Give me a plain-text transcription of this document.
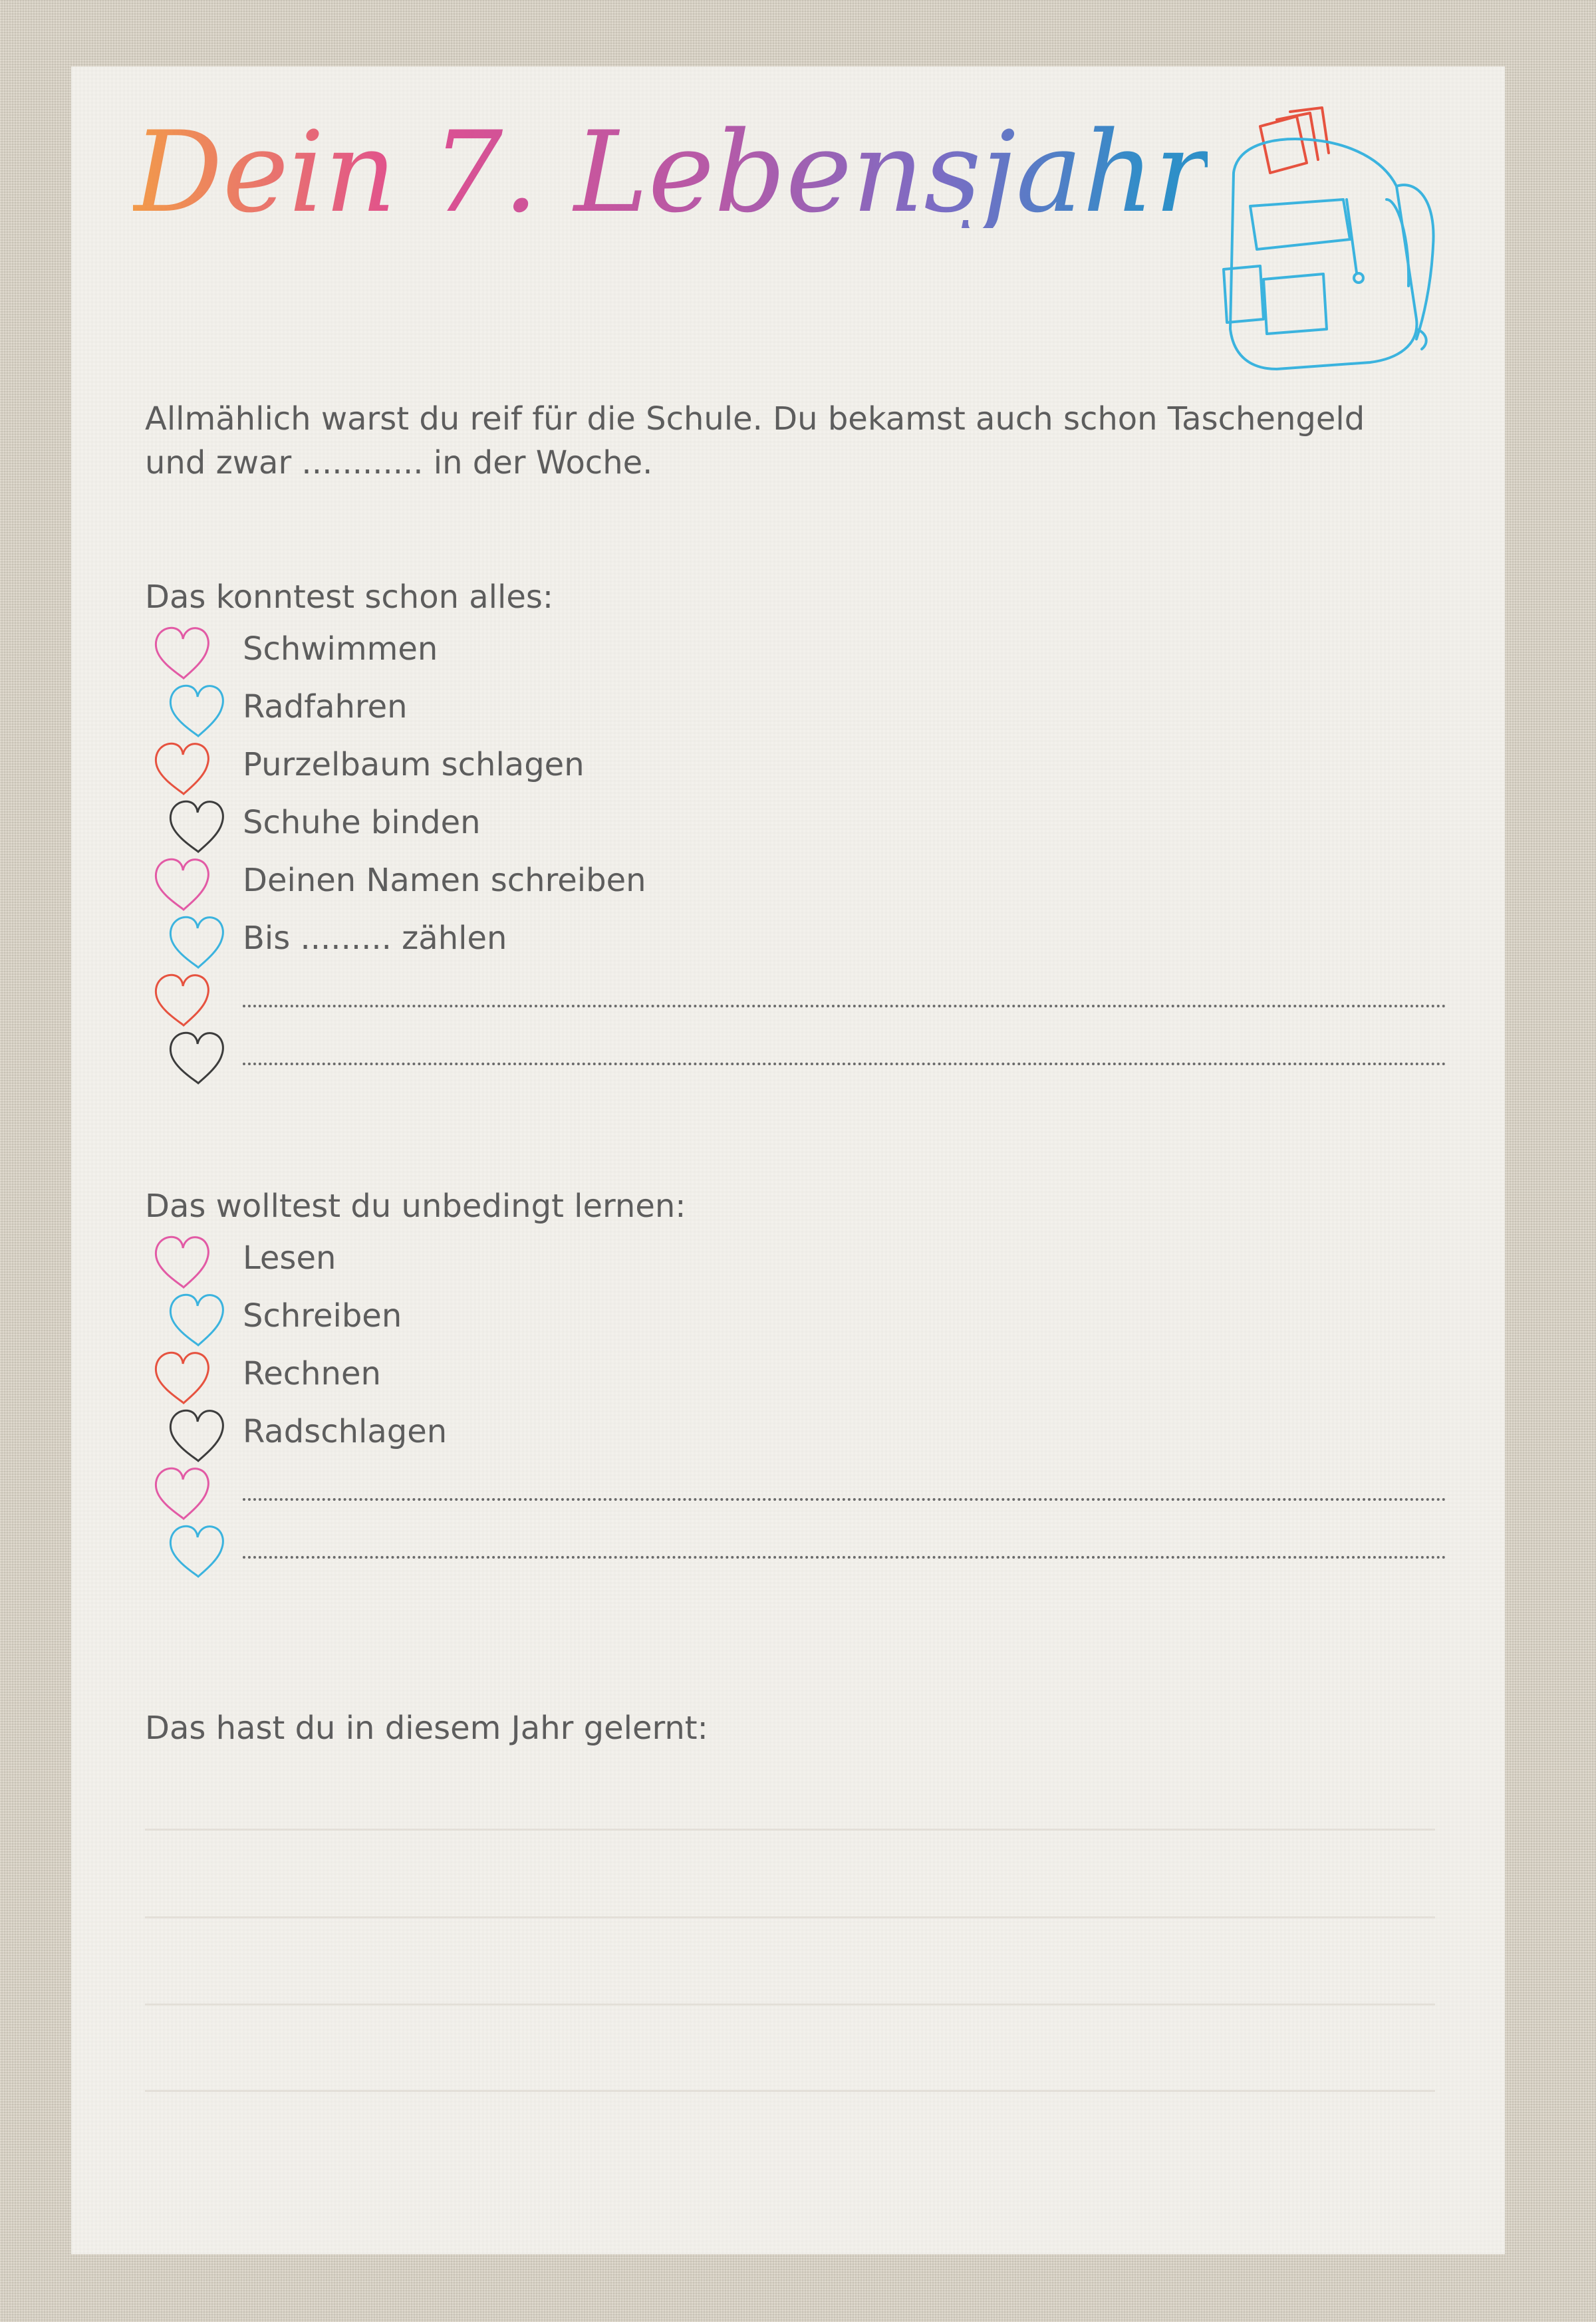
Dein 7. Lebensjahr
Allmählich warst du reif für die Schule. Du bekamst auch schon Taschengeld
und zwar ............ in der Woche.
Das konntest schon alles:
Schwimmen
Radfahren
Purzelbaum schlagen
Schuhe binden
Deinen Namen schreiben
Bis ......... zählen
Das wolltest du unbedingt lernen:
Lesen
Schreiben
Rechnen
Radschlagen
Das hast du in diesem Jahr gelernt:
